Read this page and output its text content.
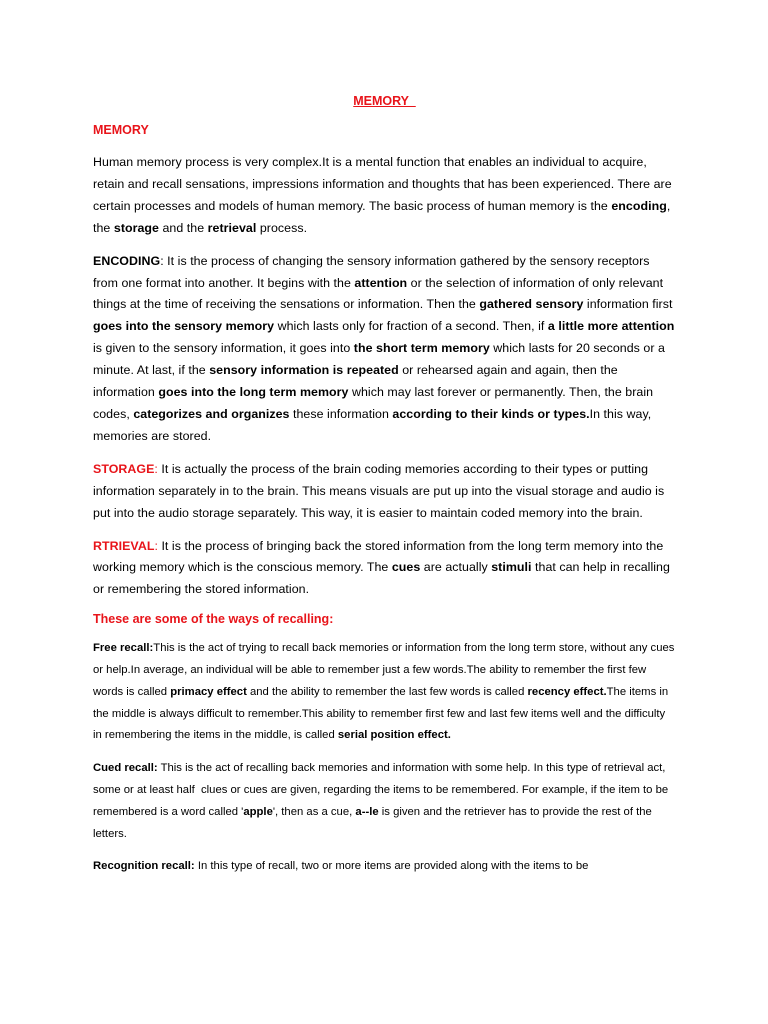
MEMORY
MEMORY

Human memory process is very complex.It is a mental function that enables an individual to acquire, retain and recall sensations, impressions information and thoughts that has been experienced. There are certain processes and models of human memory. The basic process of human memory is the encoding, the storage and the retrieval process.

ENCODING: It is the process of changing the sensory information gathered by the sensory receptors from one format into another. It begins with the attention or the selection of information of only relevant things at the time of receiving the sensations or information. Then the gathered sensory information first goes into the sensory memory which lasts only for fraction of a second. Then, if a little more attention is given to the sensory information, it goes into the short term memory which lasts for 20 seconds or a minute. At last, if the sensory information is repeated or rehearsed again and again, then the information goes into the long term memory which may last forever or permanently. Then, the brain codes, categorizes and organizes these information according to their kinds or types.In this way, memories are stored.

STORAGE: It is actually the process of the brain coding memories according to their types or putting information separately in to the brain. This means visuals are put up into the visual storage and audio is put into the audio storage separately. This way, it is easier to maintain coded memory into the brain.

RTRIEVAL: It is the process of bringing back the stored information from the long term memory into the working memory which is the conscious memory. The cues are actually stimuli that can help in recalling or remembering the stored information.

These are some of the ways of recalling:

Free recall:This is the act of trying to recall back memories or information from the long term store, without any cues or help.In average, an individual will be able to remember just a few words.The ability to remember the first few words is called primacy effect and the ability to remember the last few words is called recency effect.The items in the middle is always difficult to remember.This ability to remember first few and last few items well and the difficulty in remembering the items in the middle, is called serial position effect.

Cued recall: This is the act of recalling back memories and information with some help. In this type of retrieval act, some or at least half  clues or cues are given, regarding the items to be remembered. For example, if the item to be remembered is a word called 'apple', then as a cue, a--le is given and the retriever has to provide the rest of the letters.

Recognition recall: In this type of recall, two or more items are provided along with the items to be
